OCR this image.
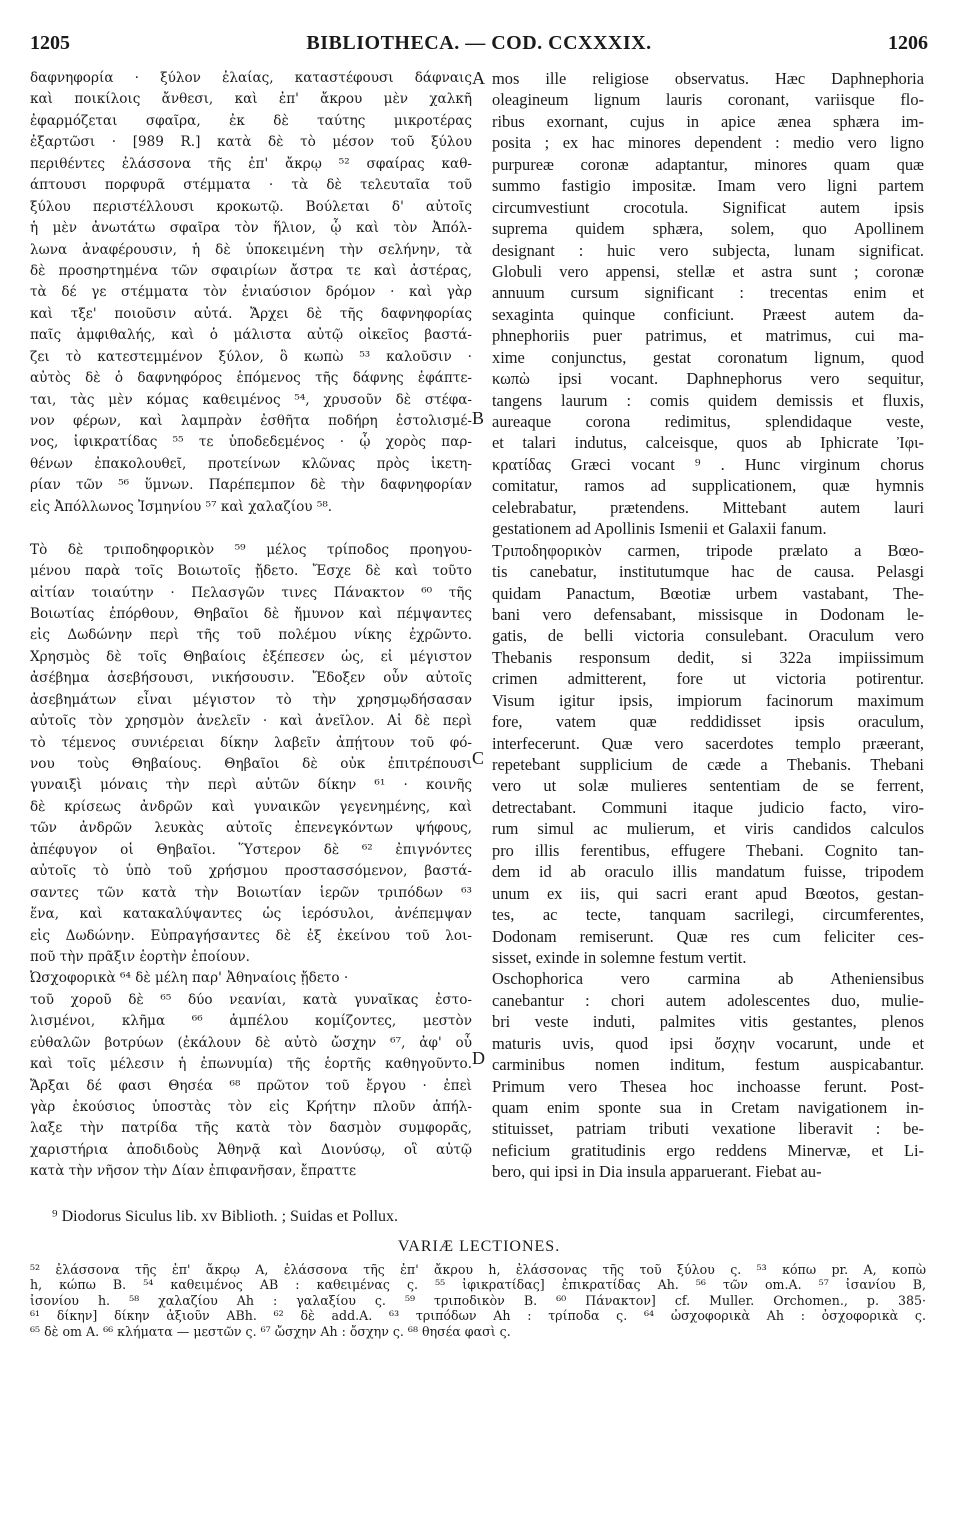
1205	BIBLIOTHECA. — COD. CCXXXIX.	1206
δαφνηφορία · ξύλον ἐλαίας, καταστέφουσι δάφναις
καὶ ποικίλοις ἄνθεσι, καὶ ἐπ' ἄκρου μὲν χαλκῆ
ἐφαρμόζεται σφαῖρα, ἐκ δὲ ταύτης μικροτέρας
ἐξαρτῶσι · [989 R.] κατὰ δὲ τὸ μέσον τοῦ ξύλου
περιθέντες ἐλάσσονα τῆς ἐπ' ἄκρῳ ⁵² σφαίρας καθ-
άπτουσι πορφυρᾶ στέμματα · τὰ δὲ τελευταῖα τοῦ
ξύλου περιστέλλουσι κροκωτῷ. Βούλεται δ' αὐτοῖς
ἡ μὲν ἀνωτάτω σφαῖρα τὸν ἥλιον, ᾧ καὶ τὸν Ἀπόλ-
λωνα ἀναφέρουσιν, ἡ δὲ ὑποκειμένη τὴν σελήνην, τὰ
δὲ προσηρτημένα τῶν σφαιρίων ἄστρα τε καὶ ἀστέρας,
τὰ δέ γε στέμματα τὸν ἐνιαύσιον δρόμον · καὶ γὰρ
καὶ τξε' ποιοῦσιν αὐτά. Ἄρχει δὲ τῆς δαφνηφορίας
παῖς ἀμφιθαλής, καὶ ὁ μάλιστα αὐτῷ οἰκεῖος βαστά-
ζει τὸ κατεστεμμένον ξύλον, ὃ κωπὼ ⁵³ καλοῦσιν ·
αὐτὸς δὲ ὁ δαφνηφόρος ἑπόμενος τῆς δάφνης ἐφάπτε-
ται, τὰς μὲν κόμας καθειμένος ⁵⁴, χρυσοῦν δὲ στέφα-
νον φέρων, καὶ λαμπρὰν ἐσθῆτα ποδήρη ἐστολισμέ-
νος, ἰφικρατίδας ⁵⁵ τε ὑποδεδεμένος · ᾧ χορὸς παρ-
θένων ἐπακολουθεῖ, προτείνων κλῶνας πρὸς ἱκετη-
ρίαν τῶν ⁵⁶ ὕμνων. Παρέπεμπον δὲ τὴν δαφνηφορίαν
εἰς Ἀπόλλωνος Ἰσμηνίου ⁵⁷ καὶ χαλαζίου ⁵⁸.
Τὸ δὲ τριποδηφορικὸν ⁵⁹ μέλος τρίποδος προηγου-
μένου παρὰ τοῖς Βοιωτοῖς ᾔδετο. Ἔσχε δὲ καὶ τοῦτο
αἰτίαν τοιαύτην · Πελασγῶν τινες Πάνακτον ⁶⁰ τῆς
Βοιωτίας ἐπόρθουν, Θηβαῖοι δὲ ἤμυνον καὶ πέμψαντες
εἰς Δωδώνην περὶ τῆς τοῦ πολέμου νίκης ἐχρῶντο.
Χρησμὸς δὲ τοῖς Θηβαίοις ἐξέπεσεν ὡς, εἰ μέγιστον
ἀσέβημα ἀσεβήσουσι, νικήσουσιν. Ἔδοξεν οὖν αὐτοῖς
ἀσεβημάτων εἶναι μέγιστον τὸ τὴν χρησμῳδήσασαν
αὐτοῖς τὸν χρησμὸν ἀνελεῖν · καὶ ἀνεῖλον. Αἱ δὲ περὶ
τὸ τέμενος συνιέρειαι δίκην λαβεῖν ἀπῄτουν τοῦ φό-
νου τοὺς Θηβαίους. Θηβαῖοι δὲ οὐκ ἐπιτρέπουσι
γυναιξὶ μόναις τὴν περὶ αὐτῶν δίκην ⁶¹ · κοινῆς
δὲ κρίσεως ἀνδρῶν καὶ γυναικῶν γεγενημένης, καὶ
τῶν ἀνδρῶν λευκὰς αὐτοῖς ἐπενεγκόντων ψήφους,
ἀπέφυγον οἱ Θηβαῖοι. Ὕστερον δὲ ⁶² ἐπιγνόντες
αὐτοῖς τὸ ὑπὸ τοῦ χρήσμου προστασσόμενον, βαστά-
σαντες τῶν κατὰ τὴν Βοιωτίαν ἱερῶν τριπόδων ⁶³
ἕνα, καὶ κατακαλύψαντες ὡς ἱερόσυλοι, ἀνέπεμψαν
εἰς Δωδώνην. Εὐπραγήσαντες δὲ ἐξ ἐκείνου τοῦ λοι-
ποῦ τὴν πρᾶξιν ἑορτὴν ἐποίουν.
Ὠσχοφορικὰ ⁶⁴ δὲ μέλη παρ' Ἀθηναίοις ᾔδετο ·
τοῦ χοροῦ δὲ ⁶⁵ δύο νεανίαι, κατὰ γυναῖκας ἐστο-
λισμένοι, κλῆμα ⁶⁶ ἀμπέλου κομίζοντες, μεστὸν
εὐθαλῶν βοτρύων (ἐκάλουν δὲ αὐτὸ ὤσχην ⁶⁷, ἀφ' οὗ
καὶ τοῖς μέλεσιν ἡ ἐπωνυμία) τῆς ἑορτῆς καθηγοῦντο.
Ἄρξαι δέ φασι Θησέα ⁶⁸ πρῶτον τοῦ ἔργου · ἐπεὶ
γὰρ ἑκούσιος ὑποστὰς τὸν εἰς Κρήτην πλοῦν ἀπήλ-
λαξε τὴν πατρίδα τῆς κατὰ τὸν δασμὸν συμφορᾶς,
χαριστήρια ἀποδιδοὺς Ἀθηνᾷ καὶ Διονύσῳ, οἳ αὐτῷ
κατὰ τὴν νῆσον τὴν Δίαν ἐπιφανῆσαν, ἔπραττε
mos ille religiose observatus. Hæc Daphnephoria
oleagineum lignum lauris coronant, variisque flo-
ribus exornant, cujus in apice ænea sphæra im-
posita ; ex hac minores dependent : medio vero ligno
purpureæ coronæ adaptantur, minores quam quæ
summo fastigio impositæ. Imam vero ligni partem
circumvestiunt crocotula. Significat autem ipsis
suprema quidem sphæra, solem, quo Apollinem
designant : huic vero subjecta, lunam significat.
Globuli vero appensi, stellæ et astra sunt ; coronæ
annuum cursum significant : trecentas enim et
sexaginta quinque conficiunt. Præest autem da-
phnephoriis puer patrimus, et matrimus, cui ma-
xime conjunctus, gestat coronatum lignum, quod
κωπὼ ipsi vocant. Daphnephorus vero sequitur,
tangens laurum : comis quidem demissis et fluxis,
aureaque corona redimitus, splendidaque veste,
et talari indutus, calceisque, quos ab Iphicrate Ἰφι-
κρατίδας Græci vocant ⁹ . Hunc virginum chorus
comitatur, ramos ad supplicationem, quæ hymnis
celebrabatur, prætendens. Mittebant autem lauri
gestationem ad Apollinis Ismenii et Galaxii fanum.
Τριποδηφορικὸν carmen, tripode prælato a Bœo-
tis canebatur, institutumque hac de causa. Pelasgi
quidam Panactum, Bœotiæ urbem vastabant, The-
bani vero defensabant, missisque in Dodonam le-
gatis, de belli victoria consulebant. Oraculum vero
Thebanis responsum dedit, si 322a impiissimum
crimen admitterent, fore ut victoria potirentur.
Visum igitur ipsis, impiorum facinorum maximum
fore, vatem quæ reddidisset ipsis oraculum,
interfecerunt. Quæ vero sacerdotes templo præerant,
repetebant supplicium de cæde a Thebanis. Thebani
vero ut solæ mulieres sententiam de se ferrent,
detrectabant. Communi itaque judicio facto, viro-
rum simul ac mulierum, et viris candidos calculos
pro illis ferentibus, effugere Thebani. Cognito tan-
dem id ab oraculo illis mandatum fuisse, tripodem
unum ex iis, qui sacri erant apud Bœotos, gestan-
tes, ac tecte, tanquam sacrilegi, circumferentes,
Dodonam remiserunt. Quæ res cum feliciter ces-
sisset, exinde in solemne festum vertit.
Oschophorica vero carmina ab Atheniensibus
canebantur : chori autem adolescentes duo, mulie-
bri veste induti, palmites vitis gestantes, plenos
maturis uvis, quod ipsi ὄσχην vocarunt, unde et
carminibus nomen inditum, festum auspicabantur.
Primum vero Thesea hoc inchoasse ferunt. Post-
quam enim sponte sua in Cretam navigationem in-
stituisset, patriam tributi vexatione liberavit : be-
neficium gratitudinis ergo reddens Minervæ, et Li-
bero, qui ipsi in Dia insula apparuerant. Fiebat au-
A
B
C
D
⁹ Diodorus Siculus lib. xv Biblioth. ; Suidas et Pollux.
VARIÆ LECTIONES.
⁵² ἐλάσσονα τῆς ἐπ' ἄκρῳ A, ἐλάσσονα τῆς ἐπ' ἄκρου h, ἐλάσσονας τῆς τοῦ ξύλου ς. ⁵³ κόπω pr. A, κοπὼ
h, κώπω B. ⁵⁴ καθειμένος AB : καθειμένας ς. ⁵⁵ ἰφικρατίδας] ἐπικρατίδας Ah. ⁵⁶ τῶν om.A. ⁵⁷ ἰσανίου B,
ἰσονίου h. ⁵⁸ χαλαζίου Ah : γαλαξίου ς. ⁵⁹ τριποδικὸν B. ⁶⁰ Πάνακτον] cf. Muller. Orchomen., p. 385·
⁶¹ δίκην] δίκην ἀξιοῦν ABh. ⁶² δὲ add.A. ⁶³ τριπόδων Ah : τρίποδα ς. ⁶⁴ ὠσχοφορικὰ Ah : ὀσχοφορικὰ ς.
⁶⁵ δὲ om A. ⁶⁶ κλήματα — μεστῶν ς. ⁶⁷ ὤσχην Ah : ὄσχην ς. ⁶⁸ θησέα φασὶ ς.
